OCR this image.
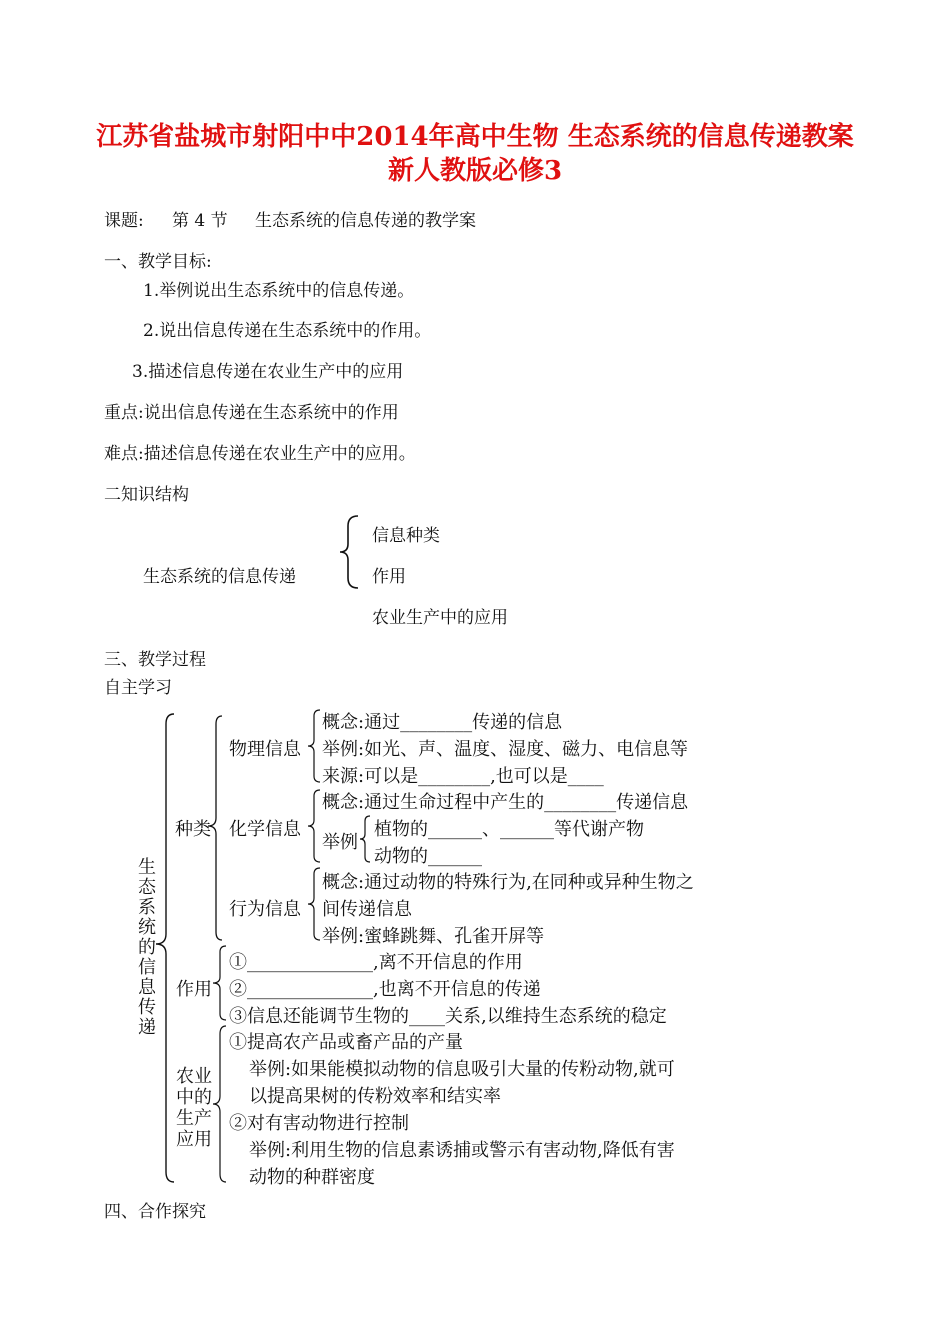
江苏省盐城市射阳中中2014年高中生物 生态系统的信息传递教案
新人教版必修3
课题: 第 4 节 生态系统的信息传递的教学案
一、教学目标:
1.举例说出生态系统中的信息传递。
2.说出信息传递在生态系统中的作用。
3.描述信息传递在农业生产中的应用
重点:说出信息传递在生态系统中的作用
难点:描述信息传递在农业生产中的应用。
二知识结构
生态系统的信息传递
信息种类
作用
农业生产中的应用
三、教学过程
自主学习
生态系统的信息传递
种类
物理信息
概念:通过________传递的信息
举例:如光、声、温度、湿度、磁力、电信息等
来源:可以是________,也可以是____
化学信息
概念:通过生命过程中产生的________传递信息
举例
植物的______、______等代谢产物
动物的______
行为信息
概念:通过动物的特殊行为,在同种或异种生物之
间传递信息
举例:蜜蜂跳舞、孔雀开屏等
作用
①______________,离不开信息的作用
②______________,也离不开信息的传递
③信息还能调节生物的____关系,以维持生态系统的稳定
农业中的生产应用
①提高农产品或畜产品的产量
举例:如果能模拟动物的信息吸引大量的传粉动物,就可
以提高果树的传粉效率和结实率
②对有害动物进行控制
举例:利用生物的信息素诱捕或警示有害动物,降低有害
动物的种群密度
四、合作探究
